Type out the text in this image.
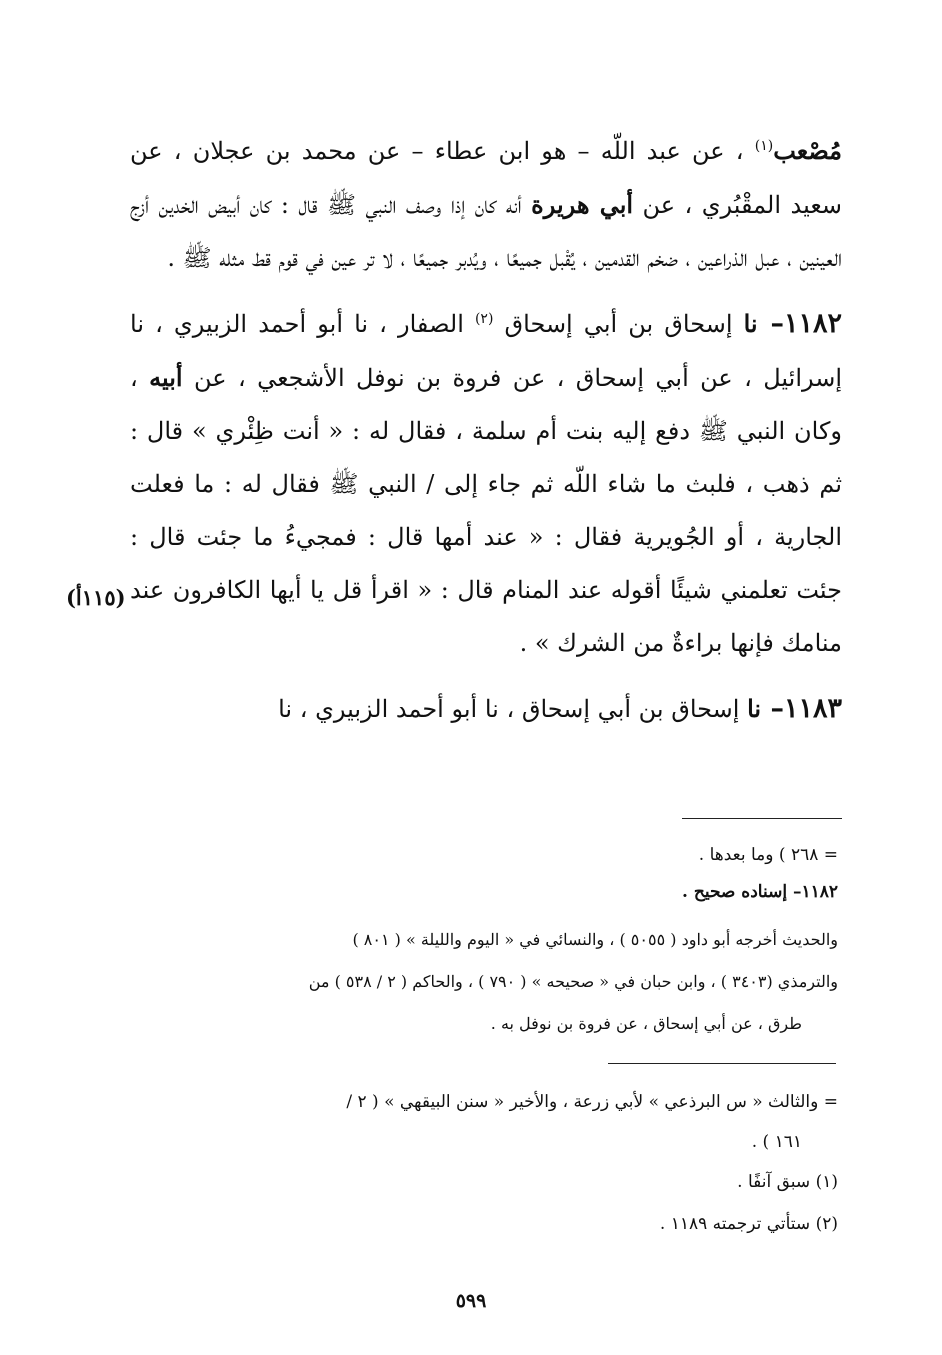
مُصْعب$^{(١)}$ ، عن عبد اللّه – هو ابن عطاء – عن محمد بن عجلان ، عن سعيد المقْبُري ، عن أبي هريرة أنه كان إذا وصف النبي ﷺ قال : كان أبيض الخدين أزج العينين ، عبل الذراعين ، ضخم القدمين ، يُقْبل جميعًا ، ويُدبر جميعًا ، لا تر عين في قوم قط مثله ﷺ .

١١٨٢– نا إسحاق بن أبي إسحاق $^{(٢)}$ الصفار ، نا أبو أحمد الزبيري ، نا إسرائيل ، عن أبي إسحاق ، عن فروة بن نوفل الأشجعي ، عن أبيه ، وكان النبي ﷺ دفع إليه بنت أم سلمة ، فقال له : « أنت ظِئْري » قال : ثم ذهب ، فلبث ما شاء اللّه ثم جاء إلى / النبي ﷺ فقال له : ما فعلت الجارية ، أو الجُويرية فقال : « عند أمها قال : فمجيءُ ما جئت قال : جئت تعلمني شيئًا أقوله عند المنام قال : « اقرأ قل يا أيها الكافرون عند منامك فإنها براءةٌ من الشرك » .

١١٨٣– نا إسحاق بن أبي إسحاق ، نا أبو أحمد الزبيري ، نا

(١١٥أ)
= ٢٦٨ ) وما بعدها .
١١٨٢– إسناده صحيح .
والحديث أخرجه أبو داود ( ٥٠٥٥ ) ، والنسائي في « اليوم والليلة » ( ٨٠١ )
والترمذي (٣٤٠٣ ) ، وابن حبان في « صحيحه » ( ٧٩٠ ) ، والحاكم ( ٢ / ٥٣٨ ) من
طرق ، عن أبي إسحاق ، عن فروة بن نوفل به .
= والثالث « س البرذعي » لأبي زرعة ، والأخير « سنن البيقهي » ( ٢ /
١٦١ ) .
(١) سبق آنفًا .
(٢) ستأتي ترجمته ١١٨٩ .
٥٩٩
